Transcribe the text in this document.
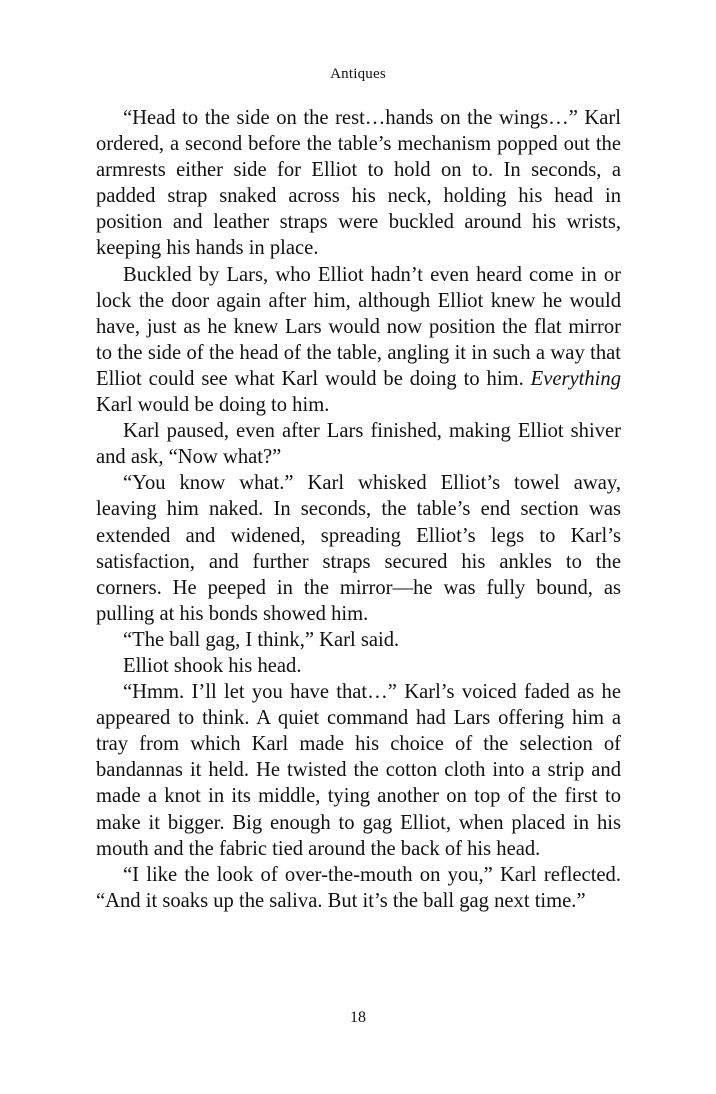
Antiques

“Head to the side on the rest…hands on the wings…” Karl ordered, a second before the table’s mechanism popped out the armrests either side for Elliot to hold on to. In seconds, a padded strap snaked across his neck, holding his head in position and leather straps were buckled around his wrists, keeping his hands in place.

Buckled by Lars, who Elliot hadn’t even heard come in or lock the door again after him, although Elliot knew he would have, just as he knew Lars would now position the flat mirror to the side of the head of the table, angling it in such a way that Elliot could see what Karl would be doing to him. Everything Karl would be doing to him.

Karl paused, even after Lars finished, making Elliot shiver and ask, “Now what?”

“You know what.” Karl whisked Elliot’s towel away, leaving him naked. In seconds, the table’s end section was extended and widened, spreading Elliot’s legs to Karl’s satisfaction, and further straps secured his ankles to the corners. He peeped in the mirror—he was fully bound, as pulling at his bonds showed him.

“The ball gag, I think,” Karl said.

Elliot shook his head.

“Hmm. I’ll let you have that…” Karl’s voiced faded as he appeared to think. A quiet command had Lars offering him a tray from which Karl made his choice of the selection of bandannas it held. He twisted the cotton cloth into a strip and made a knot in its middle, tying another on top of the first to make it bigger. Big enough to gag Elliot, when placed in his mouth and the fabric tied around the back of his head.

“I like the look of over-the-mouth on you,” Karl reflected. “And it soaks up the saliva. But it’s the ball gag next time.”

18
